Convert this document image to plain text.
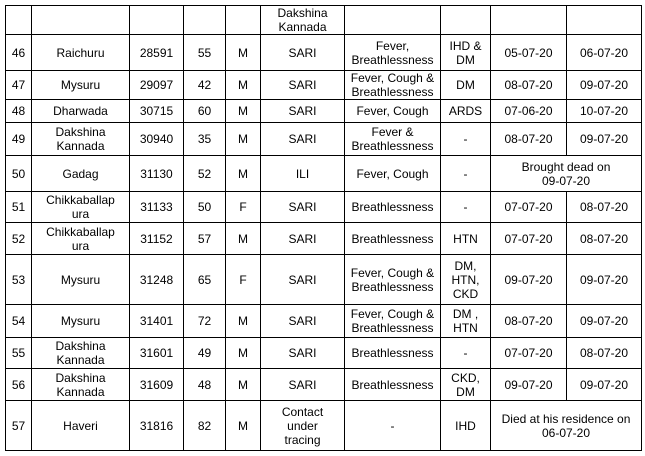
					Dakshina
Kannada				
46	Raichuru	28591	55	M	SARI	Fever,
Breathlessness	IHD &
DM	05-07-20	06-07-20
47	Mysuru	29097	42	M	SARI	Fever, Cough &
Breathlessness	DM	08-07-20	09-07-20
48	Dharwada	30715	60	M	SARI	Fever, Cough	ARDS	07-06-20	10-07-20
49	Dakshina
Kannada	30940	35	M	SARI	Fever &
Breathlessness	-	08-07-20	09-07-20
50	Gadag	31130	52	M	ILI	Fever, Cough	-	Brought dead on
09-07-20	
51	Chikkaballap
ura	31133	50	F	SARI	Breathlessness	-	07-07-20	08-07-20
52	Chikkaballap
ura	31152	57	M	SARI	Breathlessness	HTN	07-07-20	08-07-20
53	Mysuru	31248	65	F	SARI	Fever, Cough &
Breathlessness	DM,
HTN,
CKD	09-07-20	09-07-20
54	Mysuru	31401	72	M	SARI	Fever, Cough &
Breathlessness	DM ,
HTN	08-07-20	09-07-20
55	Dakshina
Kannada	31601	49	M	SARI	Breathlessness	-	07-07-20	08-07-20
56	Dakshina
Kannada	31609	48	M	SARI	Breathlessness	CKD,
DM	09-07-20	09-07-20
57	Haveri	31816	82	M	Contact
under
tracing	-	IHD	Died at his residence on
06-07-20	
